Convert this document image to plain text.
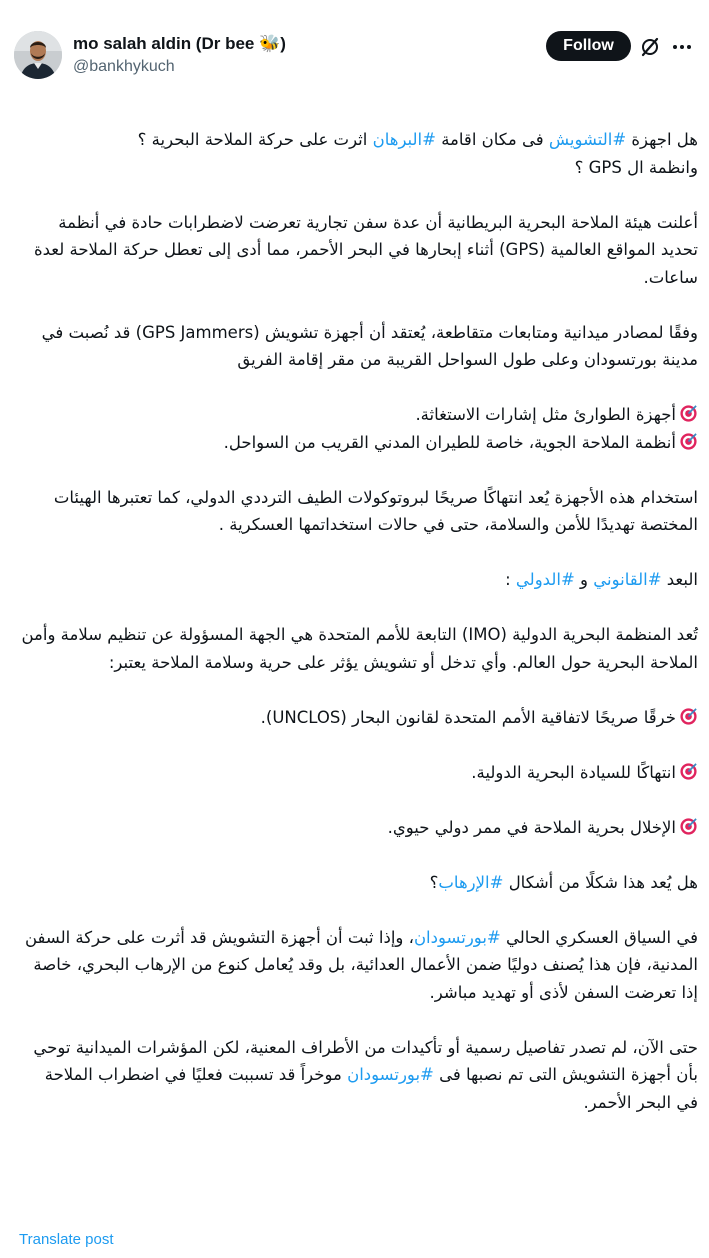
mo salah aldin (Dr bee 🐝)
@bankhykuch
Follow

هل اجهزة #التشويش فى مكان اقامة #البرهان اثرت على حركة الملاحة البحرية ؟
وانظمة ال GPS ؟

أعلنت هيئة الملاحة البحرية البريطانية أن عدة سفن تجارية تعرضت لاضطرابات حادة في أنظمة تحديد المواقع العالمية (GPS) أثناء إبحارها في البحر الأحمر، مما أدى إلى تعطل حركة الملاحة لعدة ساعات.

وفقًا لمصادر ميدانية ومتابعات متقاطعة، يُعتقد أن أجهزة تشويش (GPS Jammers) قد نُصبت في مدينة بورتسودان وعلى طول السواحل القريبة من مقر إقامة الفريق

أجهزة الطوارئ مثل إشارات الاستغاثة.

أنظمة الملاحة الجوية، خاصة للطيران المدني القريب من السواحل.

استخدام هذه الأجهزة يُعد انتهاكًا صريحًا لبروتوكولات الطيف الترددي الدولي، كما تعتبرها الهيئات المختصة تهديدًا للأمن والسلامة، حتى في حالات استخداتمها العسكرية .

البعد #القانوني و #الدولي :

تُعد المنظمة البحرية الدولية (IMO) التابعة للأمم المتحدة هي الجهة المسؤولة عن تنظيم سلامة وأمن الملاحة البحرية حول العالم. وأي تدخل أو تشويش يؤثر على حرية وسلامة الملاحة يعتبر:

خرقًا صريحًا لاتفاقية الأمم المتحدة لقانون البحار (UNCLOS).

انتهاكًا للسيادة البحرية الدولية.

الإخلال بحرية الملاحة في ممر دولي حيوي.

هل يُعد هذا شكلًا من أشكال #الإرهاب؟

في السياق العسكري الحالي #بورتسودان، وإذا ثبت أن أجهزة التشويش قد أثرت على حركة السفن المدنية، فإن هذا يُصنف دوليًا ضمن الأعمال العدائية، بل وقد يُعامل كنوع من الإرهاب البحري، خاصة إذا تعرضت السفن لأذى أو تهديد مباشر.

حتى الآن، لم تصدر تفاصيل رسمية أو تأكيدات من الأطراف المعنية، لكن المؤشرات الميدانية توحي بأن أجهزة التشويش التى تم نصبها فى #بورتسودان موخراً قد تسببت فعليًا في اضطراب الملاحة في البحر الأحمر.

Translate post
